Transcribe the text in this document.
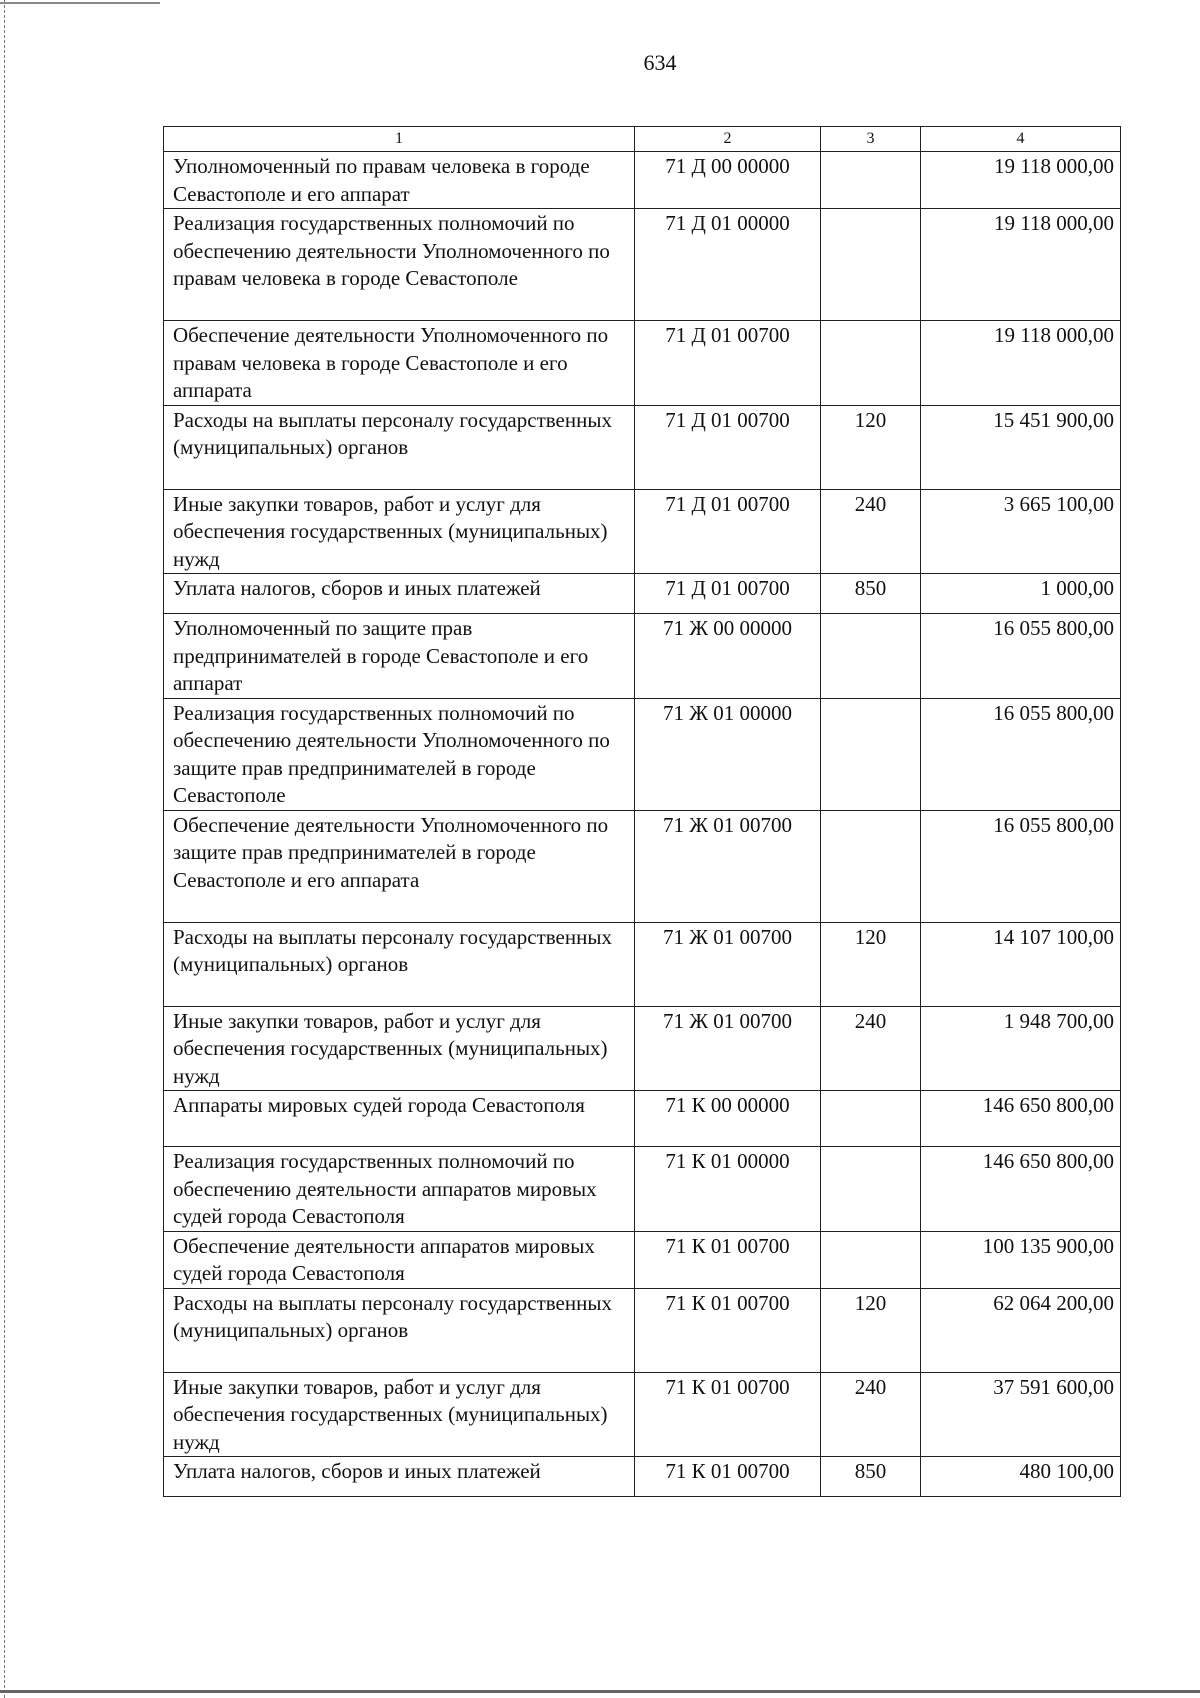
634
1	2	3	4
Уполномоченный по правам человека в городе Севастополе и его аппарат	71 Д 00 00000		19 118 000,00
Реализация государственных полномочий по обеспечению деятельности Уполномоченного по правам человека в городе Севастополе	71 Д 01 00000		19 118 000,00
Обеспечение деятельности Уполномоченного по правам человека в городе Севастополе и его аппарата	71 Д 01 00700		19 118 000,00
Расходы на выплаты персоналу государственных (муниципальных) органов	71 Д 01 00700	120	15 451 900,00
Иные закупки товаров, работ и услуг для обеспечения государственных (муниципальных) нужд	71 Д 01 00700	240	3 665 100,00
Уплата налогов, сборов и иных платежей	71 Д 01 00700	850	1 000,00
Уполномоченный по защите прав предпринимателей в городе Севастополе и его аппарат	71 Ж 00 00000		16 055 800,00
Реализация государственных полномочий по обеспечению деятельности Уполномоченного по защите прав предпринимателей в городе Севастополе	71 Ж 01 00000		16 055 800,00
Обеспечение деятельности Уполномоченного по защите прав предпринимателей в городе Севастополе и его аппарата	71 Ж 01 00700		16 055 800,00
Расходы на выплаты персоналу государственных (муниципальных) органов	71 Ж 01 00700	120	14 107 100,00
Иные закупки товаров, работ и услуг для обеспечения государственных (муниципальных) нужд	71 Ж 01 00700	240	1 948 700,00
Аппараты мировых судей города Севастополя	71 К 00 00000		146 650 800,00
Реализация государственных полномочий по обеспечению деятельности аппаратов мировых судей города Севастополя	71 К 01 00000		146 650 800,00
Обеспечение деятельности аппаратов мировых судей города Севастополя	71 К 01 00700		100 135 900,00
Расходы на выплаты персоналу государственных (муниципальных) органов	71 К 01 00700	120	62 064 200,00
Иные закупки товаров, работ и услуг для обеспечения государственных (муниципальных) нужд	71 К 01 00700	240	37 591 600,00
Уплата налогов, сборов и иных платежей	71 К 01 00700	850	480 100,00
